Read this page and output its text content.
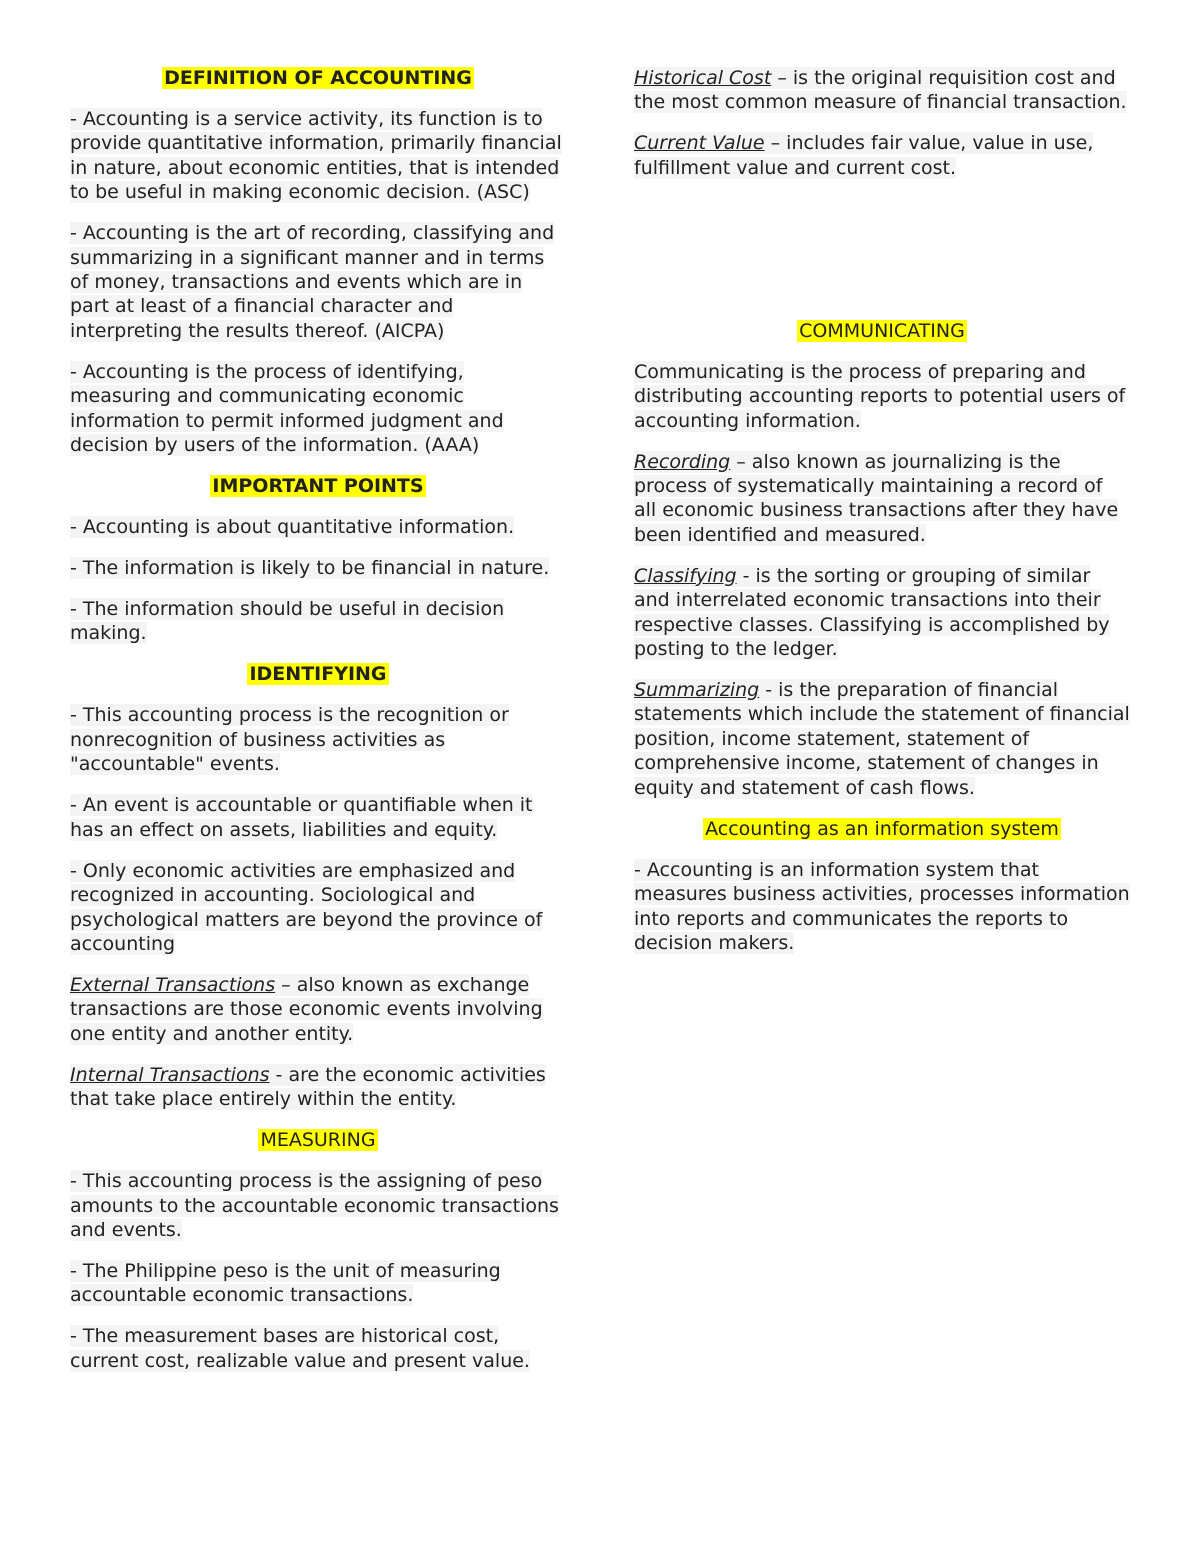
DEFINITION OF ACCOUNTING
- Accounting is a service activity, its function is to provide quantitative information, primarily financial in nature, about economic entities, that is intended to be useful in making economic decision. (ASC)
- Accounting is the art of recording, classifying and summarizing in a significant manner and in terms of money, transactions and events which are in part at least of a financial character and interpreting the results thereof. (AICPA)
- Accounting is the process of identifying, measuring and communicating economic information to permit informed judgment and decision by users of the information. (AAA)
IMPORTANT POINTS
- Accounting is about quantitative information.
- The information is likely to be financial in nature.
- The information should be useful in decision making.
IDENTIFYING
- This accounting process is the recognition or nonrecognition of business activities as "accountable" events.
- An event is accountable or quantifiable when it has an effect on assets, liabilities and equity.
- Only economic activities are emphasized and recognized in accounting. Sociological and psychological matters are beyond the province of accounting
External Transactions – also known as exchange transactions are those economic events involving one entity and another entity.
Internal Transactions - are the economic activities that take place entirely within the entity.
MEASURING
- This accounting process is the assigning of peso amounts to the accountable economic transactions and events.
- The Philippine peso is the unit of measuring accountable economic transactions.
- The measurement bases are historical cost, current cost, realizable value and present value.
Historical Cost – is the original requisition cost and the most common measure of financial transaction.
Current Value – includes fair value, value in use, fulfillment value and current cost.
COMMUNICATING
Communicating is the process of preparing and distributing accounting reports to potential users of accounting information.
Recording – also known as journalizing is the process of systematically maintaining a record of all economic business transactions after they have been identified and measured.
Classifying - is the sorting or grouping of similar and interrelated economic transactions into their respective classes. Classifying is accomplished by posting to the ledger.
Summarizing - is the preparation of financial statements which include the statement of financial position, income statement, statement of comprehensive income, statement of changes in equity and statement of cash flows.
Accounting as an information system
- Accounting is an information system that measures business activities, processes information into reports and communicates the reports to decision makers.
